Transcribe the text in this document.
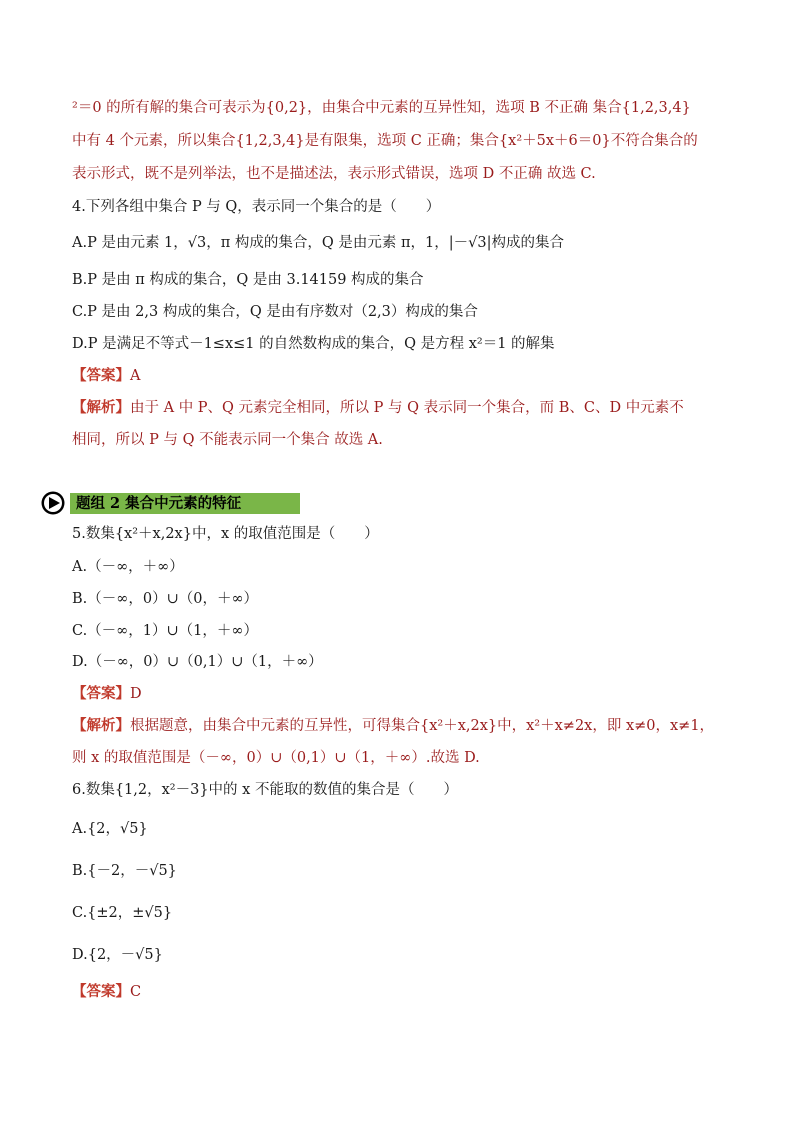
²＝0 的所有解的集合可表示为{0,2}，由集合中元素的互异性知，选项 B 不正确 集合{1,2,3,4}
中有 4 个元素，所以集合{1,2,3,4}是有限集，选项 C 正确；集合{x²＋5x＋6＝0}不符合集合的
表示形式，既不是列举法，也不是描述法，表示形式错误，选项 D 不正确 故选 C.
4.下列各组中集合 P 与 Q，表示同一个集合的是（　　）
A.P 是由元素 1，√3，π 构成的集合，Q 是由元素 π，1，|－√3|构成的集合
B.P 是由 π 构成的集合，Q 是由 3.14159 构成的集合
C.P 是由 2,3 构成的集合，Q 是由有序数对（2,3）构成的集合
D.P 是满足不等式－1≤x≤1 的自然数构成的集合，Q 是方程 x²＝1 的解集
【答案】A
【解析】由于 A 中 P、Q 元素完全相同，所以 P 与 Q 表示同一个集合，而 B、C、D 中元素不
相同，所以 P 与 Q 不能表示同一个集合 故选 A.
题组 2 集合中元素的特征
5.数集{x²＋x,2x}中，x 的取值范围是（　　）
A.（－∞，＋∞）
B.（－∞，0）∪（0，＋∞）
C.（－∞，1）∪（1，＋∞）
D.（－∞，0）∪（0,1）∪（1，＋∞）
【答案】D
【解析】根据题意，由集合中元素的互异性，可得集合{x²＋x,2x}中，x²＋x≠2x，即 x≠0，x≠1，
则 x 的取值范围是（－∞，0）∪（0,1）∪（1，＋∞）.故选 D.
6.数集{1,2，x²－3}中的 x 不能取的数值的集合是（　　）
A.{2，√5}
B.{－2，－√5}
C.{±2，±√5}
D.{2，－√5}
【答案】C
